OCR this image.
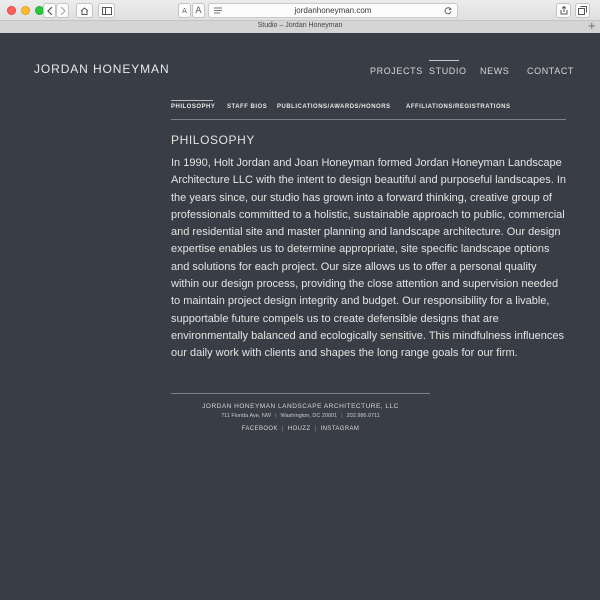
A A	jordanhoneyman.com
Studio – Jordan Honeyman	+
JORDAN HONEYMAN	PROJECTS STUDIO NEWS CONTACT
PHILOSOPHY STAFF BIOS PUBLICATIONS/AWARDS/HONORS	AFFILIATIONS/REGISTRATIONS
PHILOSOPHY
In 1990, Holt Jordan and Joan Honeyman formed Jordan Honeyman Landscape Architecture LLC with the intent to design beautiful and purposeful landscapes. In the years since, our studio has grown into a forward thinking, creative group of professionals committed to a holistic, sustainable approach to public, commercial and residential site and master planning and landscape architecture. Our design expertise enables us to determine appropriate, site specific landscape options and solutions for each project. Our size allows us to offer a personal quality within our design process, providing the close attention and supervision needed to maintain project design integrity and budget. Our responsibility for a livable, supportable future compels us to create defensible designs that are environmentally balanced and ecologically sensitive. This mindfulness influences our daily work with clients and shapes the long range goals for our firm.
JORDAN HONEYMAN LANDSCAPE ARCHITECTURE, LLC
711 Florida Ave, NW | Washington, DC 20001 | 202.986.0711
FACEBOOK | HOUZZ | INSTAGRAM
